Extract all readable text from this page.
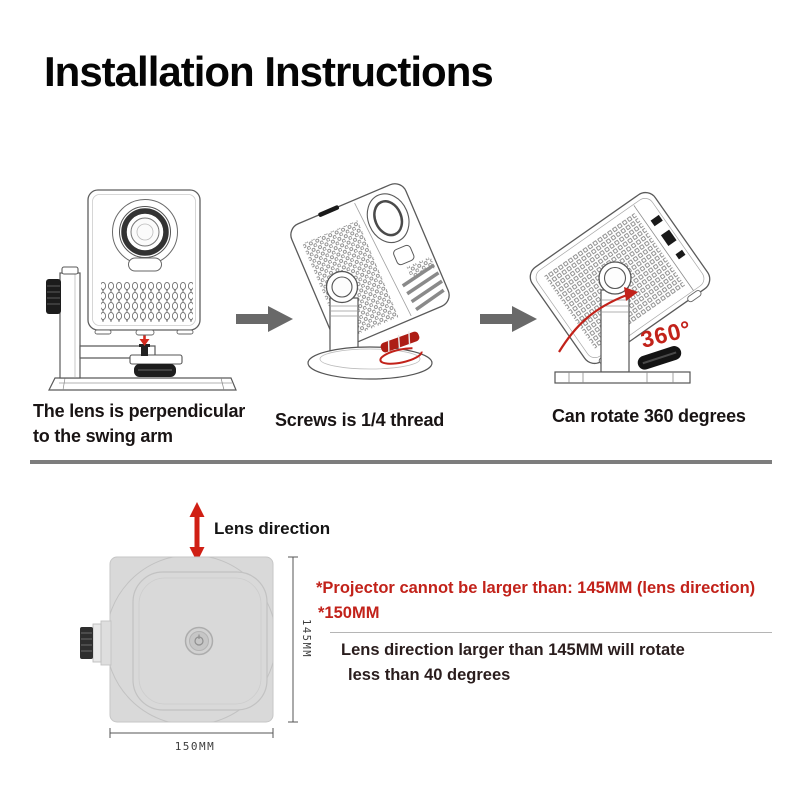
Installation Instructions
360°
The lens is perpendicular
to the swing arm
Screws is 1/4 thread	Can rotate 360 degrees
145MM
150MM
Lens direction
*Projector cannot be larger than: 145MM (lens direction)
*150MM
Lens direction larger than 145MM will rotate
less than 40 degrees
